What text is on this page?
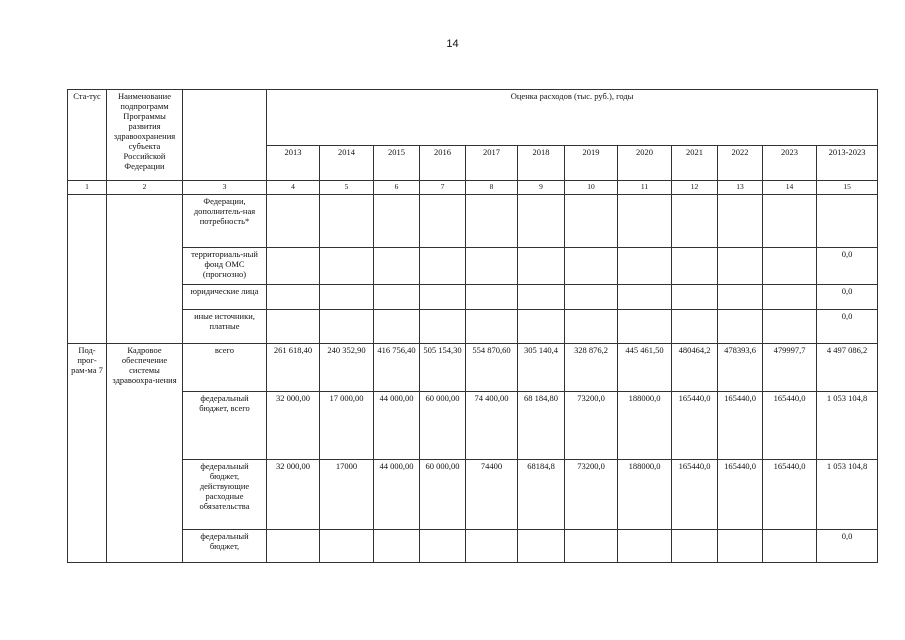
14
Ста-тус	Наименование подпрограмм Программы развития здравоохранения субъекта Российской Федерации		Оценка расходов (тыс. руб.), годы											
			2013	2014	2015	2016	2017	2018	2019	2020	2021	2022	2023	2013-2023
1	2	3	4	5	6	7	8	9	10	11	12	13	14	15
		Федерации, дополнитель-ная потребность*												
		территориаль-ный фонд ОМС (прогнозно)												0,0
		юридические лица												0,0
		иные источники, платные												0,0
Под-прог-рам-ма 7	Кадровое обеспечение системы здравоохра-нения	всего	261 618,40	240 352,90	416 756,40	505 154,30	554 870,60	305 140,4	328 876,2	445 461,50	480464,2	478393,6	479997,7	4 497 086,2
		федеральный бюджет, всего	32 000,00	17 000,00	44 000,00	60 000,00	74 400,00	68 184,80	73200,0	188000,0	165440,0	165440,0	165440,0	1 053 104,8
		федеральный бюджет, действующие расходные обязательства	32 000,00	17000	44 000,00	60 000,00	74400	68184,8	73200,0	188000,0	165440,0	165440,0	165440,0	1 053 104,8
		федеральный бюджет,												0,0
